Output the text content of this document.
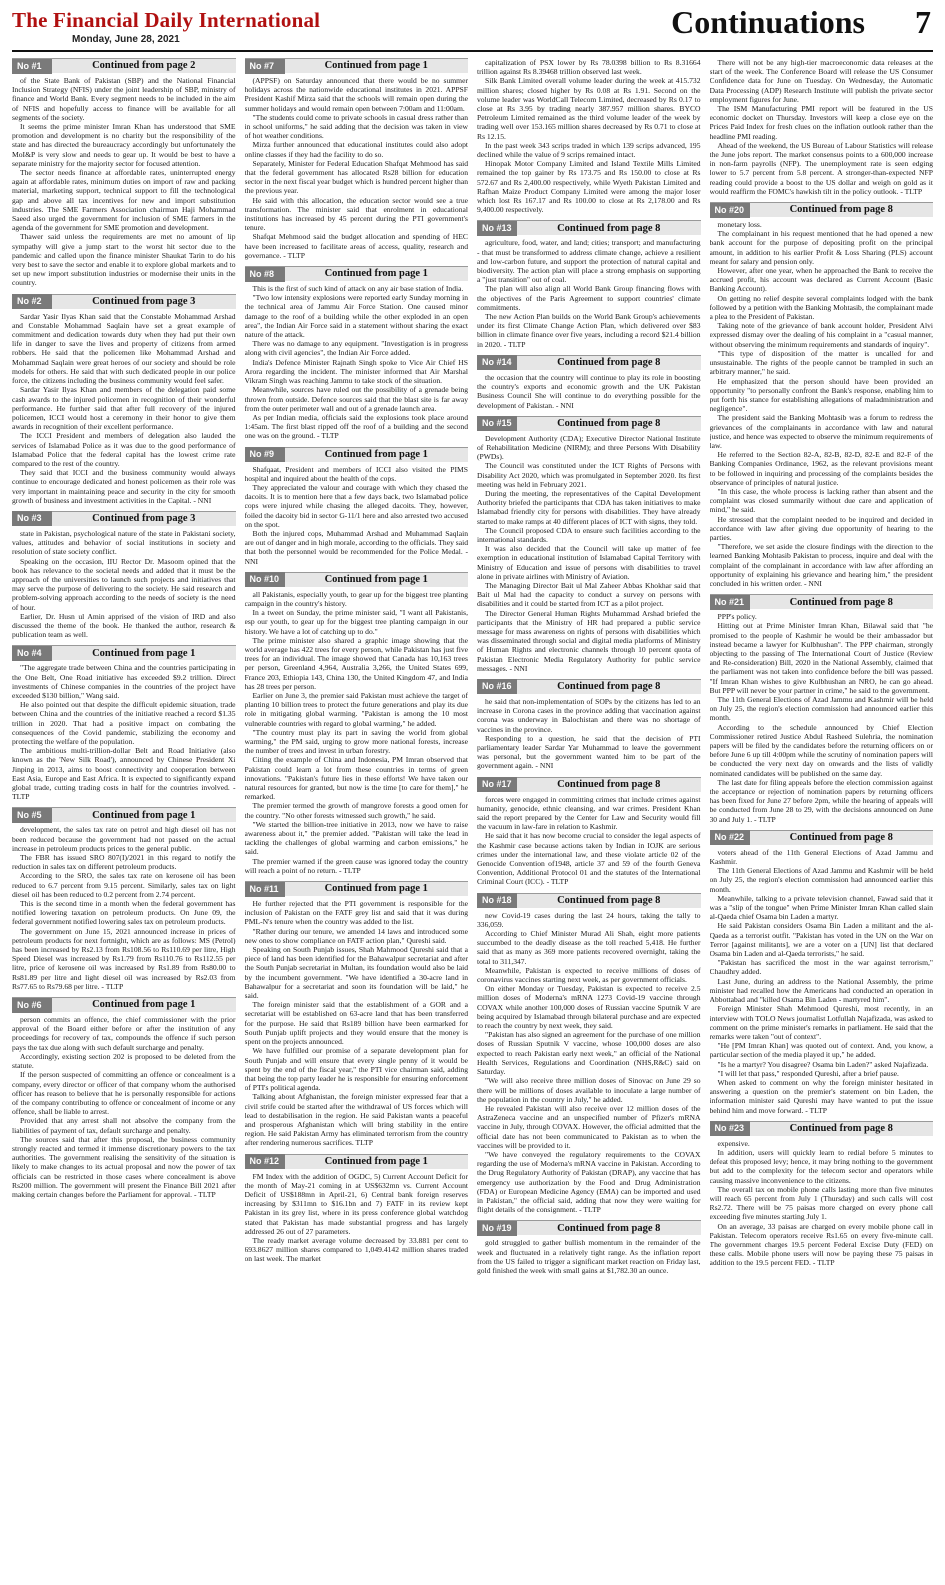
The Financial Daily International
Monday, June 28, 2021	Continuations 7
No #1	Continued from page 2

of the State Bank of Pakistan (SBP) and the National Financial Inclusion Strategy (NFIS) under the joint leadership of SBP, ministry of finance and World Bank. Every segment needs to be included in the aim of NFIS and hopefully access to finance will be available for all segments of the society.

It seems the prime minister Imran Khan has understood that SME promotion and development is no charity but the responsibility of the state and has directed the bureaucracy accordingly but unfortunately the MoI&P is very slow and needs to gear up. It would be best to have a separate ministry for the majority sector for focused attention.

The sector needs finance at affordable rates, uninterrupted energy again at affordable rates, minimum duties on import of raw and packing material, marketing support, technical support to fill the technological gap and above all tax incentives for new and import substitution industries. The SME Farmers Association chairman Haji Mohammad Saeed also urged the government for inclusion of SME farmers in the agenda of the government for SME promotion and development.

Thawer said unless the requirements are met no amount of lip sympathy will give a jump start to the worst hit sector due to the pandemic and called upon the finance minister Shaukat Tarin to do his very best to save the sector and enable it to explore global markets and to set up new import substitution industries or modernise their units in the country.

No #2	Continued from page 3

Sardar Yasir Ilyas Khan said that the Constable Mohammad Arshad and Constable Mohammad Saqlain have set a great example of commitment and dedication towards duty when they had put their own life in danger to save the lives and property of citizens from armed robbers. He said that the policemen like Mohammad Arshad and Mohammad Saqlain were great heroes of our society and should be role models for others. He said that with such dedicated people in our police force, the citizens including the business community would feel safer.

Sardar Yasir Ilyas Khan and members of the delegation paid some cash awards to the injured policemen in recognition of their wonderful performance. He further said that after full recovery of the injured policemen, ICCI would host a ceremony in their honor to give them awards in recognition of their excellent performance.

The ICCI President and members of delegation also lauded the services of Islamabad Police as it was due to the good performance of Islamabad Police that the federal capital has the lowest crime rate compared to the rest of the country.

They said that ICCI and the business community would always continue to encourage dedicated and honest policemen as their role was very important in maintaining peace and security in the city for smooth growth of business and investment activities in the Capital. - NNI

No #3	Continued from page 3

state in Pakistan, psychological nature of the state in Pakistani society, values, attitudes and behavior of social institutions in society and resolution of state society conflict.

Speaking on the occasion, IIU Rector Dr. Masoom opined that the book has relevance to the societal needs and added that it must be the approach of the universities to launch such projects and initiatives that may serve the purpose of delivering to the society. He said research and problem-solving approach according to the needs of society is the need of hour.

Earlier, Dr. Husn ul Amin apprised of the vision of IRD and also discussed the theme of the book. He thanked the author, research & publication team as well.

No #4	Continued from page 1

"The aggregate trade between China and the countries participating in the One Belt, One Road initiative has exceeded $9.2 trillion. Direct investments of Chinese companies in the countries of the project have exceeded $130 billion," Wang said.

He also pointed out that despite the difficult epidemic situation, trade between China and the countries of the initiative reached a record $1.35 trillion in 2020. That had a positive impact on combating the consequences of the Covid pandemic, stabilizing the economy and protecting the welfare of the population.

The ambitious multi-trillion-dollar Belt and Road Initiative (also known as the 'New Silk Road'), announced by Chinese President Xi Jinping in 2013, aims to boost connectivity and cooperation between East Asia, Europe and East Africa. It is expected to significantly expand global trade, cutting trading costs in half for the countries involved. - TLTP

No #5	Continued from page 1

development, the sales tax rate on petrol and high diesel oil has not been reduced because the government had not passed on the actual increase in petroleum products prices to the general public.

The FBR has issued SRO 807(I)/2021 in this regard to notify the reduction in sales tax on different petroleum products.

According to the SRO, the sales tax rate on kerosene oil has been reduced to 6.7 percent from 9.15 percent. Similarly, sales tax on light diesel oil has been reduced to 0.2 percent from 2.74 percent.

This is the second time in a month when the federal government has notified lowering taxation on petroleum products. On June 09, the federal government notified lowering sales tax on petroleum products.

The government on June 15, 2021 announced increase in prices of petroleum products for next fortnight, which are as follows: MS (Petrol) has been increased by Rs2.13 from Rs108.56 to Rs110.69 per litre, High Speed Diesel was increased by Rs1.79 from Rs110.76 to Rs112.55 per litre, price of kerosene oil was increased by Rs1.89 from Rs80.00 to Rs81.89 per litre and light diesel oil was increased by Rs2.03 from Rs77.65 to Rs79.68 per litre. - TLTP

No #6	Continued from page 1

person commits an offence, the chief commissioner with the prior approval of the Board either before or after the institution of any proceedings for recovery of tax, compounds the offence if such person pays the tax due along with such default surcharge and penalty.

Accordingly, existing section 202 is proposed to be deleted from the statute.

If the person suspected of committing an offence or concealment is a company, every director or officer of that company whom the authorised officer has reason to believe that he is personally responsible for actions of the company contributing to offence or concealment of income or any offence, shall be liable to arrest.

Provided that any arrest shall not absolve the company from the liabilities of payment of tax, default surcharge and penalty.

The sources said that after this proposal, the business community strongly reacted and termed it immense discretionary powers to the tax authorities. The government realising the sensitivity of the situation is likely to make changes to its actual proposal and now the power of tax officials can be restricted in those cases where concealment is above Rs200 million. The government will present the Finance Bill 2021 after making certain changes before the Parliament for approval. - TLTP

No #7	Continued from page 1

(APPSF) on Saturday announced that there would be no summer holidays across the nationwide educational institutes in 2021. APPSF President Kashif Mirza said that the schools will remain open during the summer holidays and would remain open between 7:00am and 11:00am.

"The students could come to private schools in casual dress rather than in school uniforms," he said adding that the decision was taken in view of hot weather conditions.

Mirza further announced that educational institutes could also adopt online classes if they had the facility to do so.

Separately, Minister for Federal Education Shafqat Mehmood has said that the federal government has allocated Rs28 billion for education sector in the next fiscal year budget which is hundred percent higher than the previous year.

He said with this allocation, the education sector would see a true transformation. The minister said that enrolment in educational institutions has increased by 45 percent during the PTI government's tenure.

Shafqat Mehmood said the budget allocation and spending of HEC have been increased to facilitate areas of access, quality, research and governance. - TLTP

No #8	Continued from page 1

This is the first of such kind of attack on any air base station of India.

"Two low intensity explosions were reported early Sunday morning in the technical area of Jammu Air Force Station. One caused minor damage to the roof of a building while the other exploded in an open area", the Indian Air Force said in a statement without sharing the exact nature of the attack.

There was no damage to any equipment. "Investigation is in progress along with civil agencies", the Indian Air Force added.

India's Defence Minister Rajnath Singh spoke to Vice Air Chief HS Arora regarding the incident. The minister informed that Air Marshal Vikram Singh was reaching Jammu to take stock of the situation.

Meanwhile, sources have ruled out the possibility of a grenade being thrown from outside. Defence sources said that the blast site is far away from the outer perimeter wall and out of a grenade launch area.

As per Indian media, officials said the explosions took place around 1:45am. The first blast ripped off the roof of a building and the second one was on the ground. - TLTP

No #9	Continued from page 1

Shafqaat, President and members of ICCI also visited the PIMS hospital and inquired about the health of the cops.

They appreciated the valour and courage with which they chased the dacoits. It is to mention here that a few days back, two Islamabad police cops were injured while chasing the alleged dacoits. They, however, foiled the dacoity bid in sector G-11/1 here and also arrested two accused on the spot.

Both the injured cops, Muhammad Arshad and Muhammad Saqlain are out of danger and in high morale, according to the officials. They said that both the personnel would be recommended for the Police Medal. - NNI

No #10	Continued from page 1

all Pakistanis, especially youth, to gear up for the biggest tree planting campaign in the country's history.

In a tweet on Sunday, the prime minister said, "I want all Pakistanis, esp our youth, to gear up for the biggest tree planting campaign in our history. We have a lot of catching up to do."

The prime minister also shared a graphic image showing that the world average has 422 trees for every person, while Pakistan has just five trees for an individual. The image showed that Canada has 10,163 trees per person, Greenland 4,964, Australia 3,266, the United States 699, France 203, Ethiopia 143, China 130, the United Kingdom 47, and India has 28 trees per person.

Earlier on June 3, the premier said Pakistan must achieve the target of planting 10 billion trees to protect the future generations and play its due role in mitigating global warming. "Pakistan is among the 10 most vulnerable countries with regard to global warming," he added.

"The country must play its part in saving the world from global warming," the PM said, urging to grow more national forests, increase the number of trees and invest in urban forestry.

Citing the example of China and Indonesia, PM Imran observed that Pakistan could learn a lot from these countries in terms of green innovations. "Pakistan's future lies in these efforts! We have taken our natural resources for granted, but now is the time [to care for them]," he remarked.

The premier termed the growth of mangrove forests a good omen for the country. "No other forests witnessed such growth," he said.

"We started the billion-tree initiative in 2013, now we have to raise awareness about it," the premier added. "Pakistan will take the lead in tackling the challenges of global warming and carbon emissions," he said.

The premier warned if the green cause was ignored today the country will reach a point of no return. - TLTP

No #11	Continued from page 1

He further rejected that the PTI government is responsible for the inclusion of Pakistan on the FATF grey list and said that it was during PML-N's tenure when the country was added to the list.

"Rather during our tenure, we amended 14 laws and introduced some new ones to show compliance on FATF action plan," Qureshi said.

Speaking on South Punjab issues, Shah Mahmood Qureshi said that a piece of land has been identified for the Bahawalpur secretariat and after the South Punjab secretariat in Multan, its foundation would also be laid by the incumbent government. "We have identified a 30-acre land in Bahawalpur for a secretariat and soon its foundation will be laid," he said.

The foreign minister said that the establishment of a GOR and a secretariat will be established on 63-acre land that has been transferred for the purpose. He said that Rs189 billion have been earmarked for South Punjab uplift projects and they would ensure that the money is spent on the projects announced.

We have fulfilled our promise of a separate development plan for South Punjab and will ensure that every single penny of it would be spent by the end of the fiscal year," the PTI vice chairman said, adding that being the top party leader he is responsible for ensuring enforcement of PTI's political agenda.

Talking about Afghanistan, the foreign minister expressed fear that a civil strife could be started after the withdrawal of US forces which will lead to destabilisation in the region. He said Pakistan wants a peaceful and prosperous Afghanistan which will bring stability in the entire region. He said Pakistan Army has eliminated terrorism from the country after rendering numerous sacrifices. TLTP

No #12	Continued from page 1

FM Index with the addition of OGDC, 5) Current Account Deficit for the month of May-21 coming in at US$632mn vs. Current Account Deficit of US$188mn in April-21, 6) Central bank foreign reserves increasing by $311mn to $16.1bn and 7) FATF in its review kept Pakistan in its grey list, where in its press conference global watchdog stated that Pakistan has made substantial progress and has largely addressed 26 out of 27 parameters.

The ready market average volume decreased by 33.881 per cent to 693.8627 million shares compared to 1,049.4142 million shares traded on last week. The market

capitalization of PSX lower by Rs 78.0398 billion to Rs 8.31664 trillion against Rs 8.39468 trillion observed last week.

Silk Bank Limited overall volume leader during the week at 415.732 million shares; closed higher by Rs 0.08 at Rs 1.91. Second on the volume leader was WorldCall Telecom Limited, decreased by Rs 0.17 to close at Rs 3.95 by trading nearly 387.957 million shares. BYCO Petroleum Limited remained as the third volume leader of the week by trading well over 153.165 million shares decreased by Rs 0.71 to close at Rs 12.15.

In the past week 343 scrips traded in which 139 scrips advanced, 195 declined while the value of 9 scrips remained intact.

Hinopak Motor Company Limited and Island Textile Mills Limited remained the top gainer by Rs 173.75 and Rs 150.00 to close at Rs 572.67 and Rs 2,400.00 respectively, while Wyeth Pakistan Limited and Rafhan Maize Product Company Limited were among the major loser which lost Rs 167.17 and Rs 100.00 to close at Rs 2,178.00 and Rs 9,400.00 respectively.

No #13	Continued from page 8

agriculture, food, water, and land; cities; transport; and manufacturing - that must be transformed to address climate change, achieve a resilient and low-carbon future, and support the protection of natural capital and biodiversity. The action plan will place a strong emphasis on supporting a "just transition" out of coal.

The plan will also align all World Bank Group financing flows with the objectives of the Paris Agreement to support countries' climate commitments.

The new Action Plan builds on the World Bank Group's achievements under its first Climate Change Action Plan, which delivered over $83 billion in climate finance over five years, including a record $21.4 billion in 2020. - TLTP

No #14	Continued from page 8

the occasion that the country will continue to play its role in boosting the country's exports and economic growth and the UK Pakistan Business Council She will continue to do everything possible for the development of Pakistan. - NNI

No #15	Continued from page 8

Development Authority (CDA); Executive Director National Institute of Rehabilitation Medicine (NIRM); and three Persons With Disability (PWDs).

The Council was constituted under the ICT Rights of Persons with Disability Act 2020, which was promulgated in September 2020. Its first meeting was held in February 2021.

During the meeting, the representatives of the Capital Development Authority briefed the participants that CDA has taken initiatives to make Islamabad friendly city for persons with disabilities. They have already started to make ramps at 40 different places of ICT with signs, they told.

The Council proposed CDA to ensure such facilities according to the international standards.

It was also decided that the Council will take up matter of fee exemption in educational institution of Islamabad Capital Territory with Ministry of Education and issue of persons with disabilities to travel alone in private airlines with Ministry of Aviation.

The Managing Director Bait ul Mal Zaheer Abbas Khokhar said that Bait ul Mal had the capacity to conduct a survey on persons with disabilities and it could be started from ICT as a pilot project.

The Director General Human Rights Muhammad Arshad briefed the participants that the Ministry of HR had prepared a public service message for mass awareness on rights of persons with disabilities which was disseminated through social and digital media platforms of Ministry of Human Rights and electronic channels through 10 percent quota of Pakistan Electronic Media Regulatory Authority for public service messages. - NNI

No #16	Continued from page 8

he said that non-implementation of SOPs by the citizens has led to an increase in Corona cases in the province adding that vaccination against corona was underway in Balochistan and there was no shortage of vaccines in the province.

Responding to a question, he said that the decision of PTI parliamentary leader Sardar Yar Muhammad to leave the government was personal, but the government wanted him to be part of the government again. - NNI

No #17	Continued from page 8

forces were engaged in committing crimes that include crimes against humanity, genocide, ethnic cleansing, and war crimes. President Khan said the report prepared by the Center for Law and Security would fill the vacuum in law-fare in relation to Kashmir.

He said that it has now become crucial to consider the legal aspects of the Kashmir case because actions taken by Indian in IOJK are serious crimes under the international law, and these violate article 02 of the Genocide Convention of1948, article 37 and 59 of the fourth Geneva Convention, Additional Protocol 01 and the statutes of the International Criminal Court (ICC). - TLTP

No #18	Continued from page 8

new Covid-19 cases during the last 24 hours, taking the tally to 336,059.

According to Chief Minister Murad Ali Shah, eight more patients succumbed to the deadly disease as the toll reached 5,418. He further said that as many as 369 more patients recovered overnight, taking the total to 311,347.

Meanwhile, Pakistan is expected to receive millions of doses of coronavirus vaccines starting next week, as per government officials.

On either Monday or Tuesday, Pakistan is expected to receive 2.5 million doses of Moderna's mRNA 1273 Covid-19 vaccine through COVAX while another 100,000 doses of Russian vaccine Sputnik V are being acquired by Islamabad through bilateral purchase and are expected to reach the country by next week, they said.

"Pakistan has also signed an agreement for the purchase of one million doses of Russian Sputnik V vaccine, whose 100,000 doses are also expected to reach Pakistan early next week," an official of the National Health Services, Regulations and Coordination (NHS,R&C) said on Saturday.

"We will also receive three million doses of Sinovac on June 29 so there will be millions of doses available to inoculate a large number of the population in the country in July," he added.

He revealed Pakistan will also receive over 12 million doses of the AstraZeneca vaccine and an unspecified number of Pfizer's mRNA vaccine in July, through COVAX. However, the official admitted that the official date has not been communicated to Pakistan as to when the vaccines will be provided to it.

"We have conveyed the regulatory requirements to the COVAX regarding the use of Moderna's mRNA vaccine in Pakistan. According to the Drug Regulatory Authority of Pakistan (DRAP), any vaccine that has emergency use authorization by the Food and Drug Administration (FDA) or European Medicine Agency (EMA) can be imported and used in Pakistan," the official said, adding that now they were waiting for flight details of the consignment. - TLTP

No #19	Continued from page 8

gold struggled to gather bullish momentum in the remainder of the week and fluctuated in a relatively tight range. As the inflation report from the US failed to trigger a significant market reaction on Friday last, gold finished the week with small gains at $1,782.30 an ounce.

There will not be any high-tier macroeconomic data releases at the start of the week. The Conference Board will release the US Consumer Confidence data for June on Tuesday. On Wednesday, the Automatic Data Processing (ADP) Research Institute will publish the private sector employment figures for June.

The ISM Manufacturing PMI report will be featured in the US economic docket on Thursday. Investors will keep a close eye on the Prices Paid Index for fresh clues on the inflation outlook rather than the headline PMI reading.

Ahead of the weekend, the US Bureau of Labour Statistics will release the June jobs report. The market consensus points to a 600,000 increase in non-farm payrolls (NFP). The unemployment rate is seen edging lower to 5.7 percent from 5.8 percent. A stronger-than-expected NFP reading could provide a boost to the US dollar and weigh on gold as it would reaffirm the FOMC's hawkish tilt in the policy outlook. - TLTP

No #20	Continued from page 8

monetary loss.

The complainant in his request mentioned that he had opened a new bank account for the purpose of depositing profit on the principal amount, in addition to his earlier Profit & Loss Sharing (PLS) account meant for salary and pension only.

However, after one year, when he approached the Bank to receive the accrued profit, his account was declared as Current Account (Basic Banking Account).

On getting no relief despite several complaints lodged with the bank followed by a petition with the Banking Mohtasib, the complainant made a plea to the President of Pakistan.

Taking note of the grievance of bank account holder, President Alvi expressed dismay over the dealing of his complaint in a "casual manner, without observing the minimum requirements and standards of inquiry".

"This type of disposition of the matter is uncalled for and unsustainable. The rights of the people cannot be trampled in such an arbitrary manner," he said.

He emphasized that the person should have been provided an opportunity "to personally confront the Bank's response, enabling him to put forth his stance for establishing allegations of maladministration and negligence".

The president said the Banking Mohtasib was a forum to redress the grievances of the complainants in accordance with law and natural justice, and hence was expected to observe the minimum requirements of law.

He referred to the Section 82-A, 82-B, 82-D, 82-E and 82-F of the Banking Companies Ordinance, 1962, as the relevant provisions meant to be followed in inquiring and processing of the complaints besides the observance of principles of natural justice.

"In this case, the whole process is lacking rather than absent and the complaint was closed summarily without due care and application of mind," he said.

He stressed that the complaint needed to be inquired and decided in accordance with law after giving due opportunity of hearing to the parties.

"Therefore, we set aside the closure findings with the direction to the learned Banking Mohtasib Pakistan to process, inquire and deal with the complaint of the complainant in accordance with law after affording an opportunity of explaining his grievance and hearing him," the president concluded in his written order. - NNI

No #21	Continued from page 8

PPP's policy.

Hitting out at Prime Minister Imran Khan, Bilawal said that "he promised to the people of Kashmir he would be their ambassador but instead became a lawyer for Kulbhushan". The PPP chairman, strongly objecting to the passing of The International Court of Justice (Review and Re-consideration) Bill, 2020 in the National Assembly, claimed that the parliament was not taken into confidence before the bill was passed. "If Imran Khan wishes to give Kulbhushan an NRO, he can go ahead. But PPP will never be your partner in crime," he said to the government.

The 11th General Elections of Azad Jammu and Kashmir will be held on July 25, the region's election commission had announced earlier this month.

According to the schedule announced by Chief Election Commissioner retired Justice Abdul Rasheed Sulehria, the nomination papers will be filed by the candidates before the returning officers on or before June 6 up till 4:00pm while the scrutiny of nomination papers will be conducted the very next day on onwards and the lists of validly nominated candidates will be published on the same day.

The last date for filing appeals before the election commission against the acceptance or rejection of nomination papers by returning officers has been fixed for June 27 before 2pm, while the hearing of appeals will be conducted from June 28 to 29, with the decisions announced on June 30 and July 1. - TLTP

No #22	Continued from page 8

voters ahead of the 11th General Elections of Azad Jammu and Kashmir.

The 11th General Elections of Azad Jammu and Kashmir will be held on July 25, the region's election commission had announced earlier this month.

Meanwhile, talking to a private television channel, Fawad said that it was a "slip of the tongue" when Prime Minister Imran Khan called slain al-Qaeda chief Osama bin Laden a martyr.

He said Pakistan considers Osama Bin Laden a militant and the al-Qaeda as a terrorist outfit. "Pakistan has voted in the UN on the War on Terror [against militants], we are a voter on a [UN] list that declared Osama bin Laden and al-Qaeda terrorists," he said.

"Pakistan has sacrificed the most in the war against terrorism," Chaudhry added.

Last June, during an address to the National Assembly, the prime minister had recalled how the Americans had conducted an operation in Abbottabad and "killed Osama Bin Laden - martyred him".

Foreign Minister Shah Mehmood Qureshi, most recently, in an interview with TOLO News journalist Lotfullah Najafizada, was asked to comment on the prime minister's remarks in parliament. He said that the remarks were taken "out of context".

"He [PM Imran Khan] was quoted out of context. And, you know, a particular section of the media played it up," he added.

"Is he a martyr? You disagree? Osama bin Laden?" asked Najafizada.

"I will let that pass," responded Qureshi, after a brief pause.

When asked to comment on why the foreign minister hesitated in answering a question on the premier's statement on bin Laden, the information minister said Qureshi may have wanted to put the issue behind him and move forward. - TLTP

No #23	Continued from page 8

expensive.

In addition, users will quickly learn to redial before 5 minutes to defeat this proposed levy; hence, it may bring nothing to the government but add to the complexity for the telecom sector and operators while causing massive inconvenience to the citizens.

The overall tax on mobile phone calls lasting more than five minutes will reach 65 percent from July 1 (Thursday) and such calls will cost Rs2.72. There will be 75 paisas more charged on every phone call exceeding five minutes starting July 1.

On an average, 33 paisas are charged on every mobile phone call in Pakistan. Telecom operators receive Rs1.65 on every five-minute call. The government charges 19.5 percent Federal Excise Duty (FED) on these calls. Mobile phone users will now be paying these 75 paisas in addition to the 19.5 percent FED. - TLTP
